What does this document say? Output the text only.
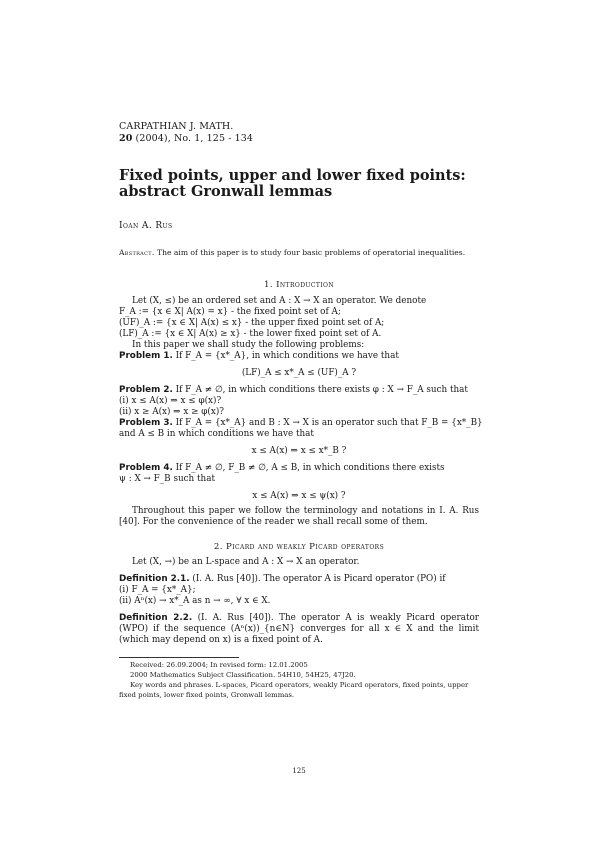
CARPATHIAN J. MATH.
20 (2004), No. 1, 125 - 134
Fixed points, upper and lower fixed points:
abstract Gronwall lemmas
Ioan A. Rus
Abstract. The aim of this paper is to study four basic problems of operatorial inequalities.
1. Introduction
Let (X, ≤) be an ordered set and A : X → X an operator. We denote
F_A := {x ∈ X| A(x) = x} - the fixed point set of A;
(UF)_A := {x ∈ X| A(x) ≤ x} - the upper fixed point set of A;
(LF)_A := {x ∈ X| A(x) ≥ x} - the lower fixed point set of A.
In this paper we shall study the following problems:
Problem 1. If F_A = {x*_A}, in which conditions we have that
(LF)_A ≤ x*_A ≤ (UF)_A ?
Problem 2. If F_A ≠ ∅, in which conditions there exists φ : X → F_A such that
(i) x ≤ A(x) ⇒ x ≤ φ(x)?
(ii) x ≥ A(x) ⇒ x ≥ φ(x)?
Problem 3. If F_A = {x*_A} and B : X → X is an operator such that F_B = {x*_B}
and A ≤ B in which conditions we have that
x ≤ A(x) ⇒ x ≤ x*_B ?
Problem 4. If F_A ≠ ∅, F_B ≠ ∅, A ≤ B, in which conditions there exists
ψ : X → F_B such that
x ≤ A(x) ⇒ x ≤ ψ(x) ?
Throughout this paper we follow the terminology and notations in I. A. Rus [40]. For the convenience of the reader we shall recall some of them.
2. Picard and weakly Picard operators
Let (X, →) be an L-space and A : X → X an operator.
Definition 2.1. (I. A. Rus [40]). The operator A is Picard operator (PO) if
(i) F_A = {x*_A};
(ii) Aⁿ(x) → x*_A as n → ∞, ∀ x ∈ X.
Definition 2.2. (I. A. Rus [40]). The operator A is weakly Picard operator (WPO) if the sequence (Aⁿ(x))_{n∈N} converges for all x ∈ X and the limit (which may depend on x) is a fixed point of A.
Received: 26.09.2004; In revised form: 12.01.2005
2000 Mathematics Subject Classification. 54H10, 54H25, 47J20.
Key words and phrases. L-spaces, Picard operators, weakly Picard operators, fixed points, upper fixed points, lower fixed points, Gronwall lemmas.
125
